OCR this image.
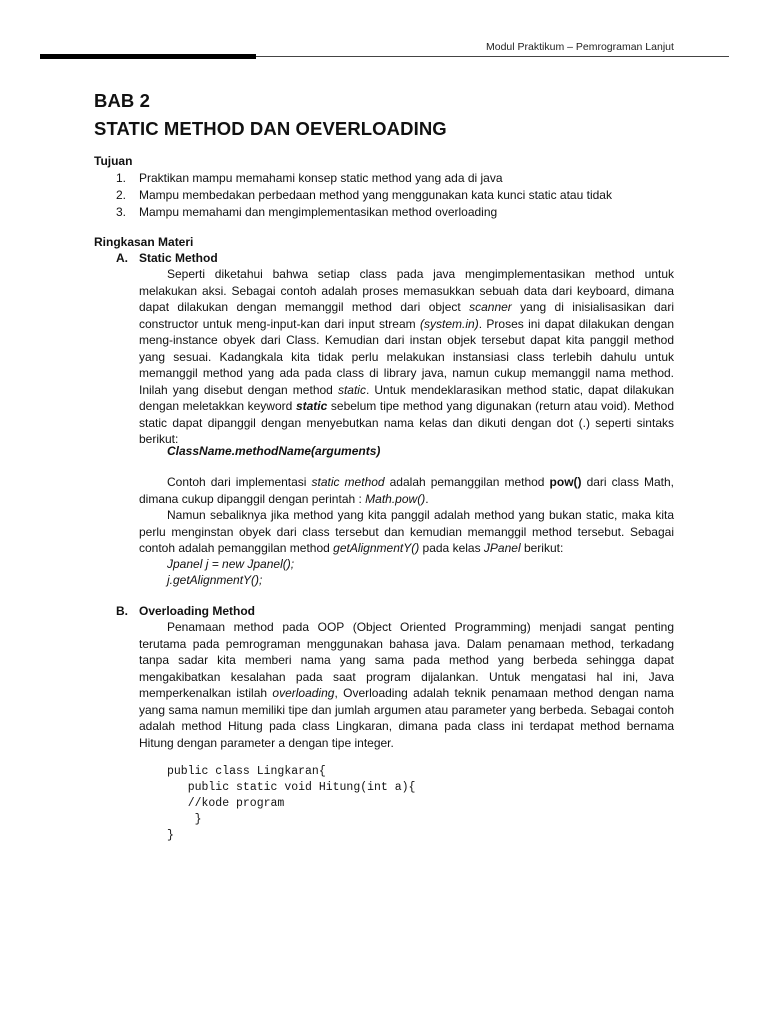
Modul Praktikum – Pemrograman Lanjut
BAB 2
STATIC METHOD DAN OEVERLOADING
Tujuan
1. Praktikan mampu memahami konsep static method yang ada di java
2. Mampu membedakan perbedaan method yang menggunakan kata kunci static atau tidak
3. Mampu memahami dan mengimplementasikan method overloading
Ringkasan Materi
A. Static Method

Seperti diketahui bahwa setiap class pada java mengimplementasikan method untuk melakukan aksi. Sebagai contoh adalah proses memasukkan sebuah data dari keyboard, dimana dapat dilakukan dengan memanggil method dari object scanner yang di inisialisasikan dari constructor untuk meng-input-kan dari input stream (system.in). Proses ini dapat dilakukan dengan meng-instance obyek dari Class. Kemudian dari instan objek tersebut dapat kita panggil method yang sesuai. Kadangkala kita tidak perlu melakukan instansiasi class terlebih dahulu untuk memanggil method yang ada pada class di library java, namun cukup memanggil nama method. Inilah yang disebut dengan method static. Untuk mendeklarasikan method static, dapat dilakukan dengan meletakkan keyword static sebelum tipe method yang digunakan (return atau void). Method static dapat dipanggil dengan menyebutkan nama kelas dan dikuti dengan dot (.) seperti sintaks berikut:

ClassName.methodName(arguments)

Contoh dari implementasi static method adalah pemanggilan method pow() dari class Math, dimana cukup dipanggil dengan perintah : Math.pow().

Namun sebaliknya jika method yang kita panggil adalah method yang bukan static, maka kita perlu menginstan obyek dari class tersebut dan kemudian memanggil method tersebut. Sebagai contoh adalah pemanggilan method getAlignmentY() pada kelas JPanel berikut:

Jpanel j = new Jpanel();
j.getAlignmentY();
B. Overloading Method

Penamaan method pada OOP (Object Oriented Programming) menjadi sangat penting terutama pada pemrograman menggunakan bahasa java. Dalam penamaan method, terkadang tanpa sadar kita memberi nama yang sama pada method yang berbeda sehingga dapat mengakibatkan kesalahan pada saat program dijalankan. Untuk mengatasi hal ini, Java memperkenalkan istilah overloading, Overloading adalah teknik penamaan method dengan nama yang sama namun memiliki tipe dan jumlah argumen atau parameter yang berbeda. Sebagai contoh adalah method Hitung pada class Lingkaran, dimana pada class ini terdapat method bernama Hitung dengan parameter a dengan tipe integer.

public class Lingkaran{
public static void Hitung(int a){
//kode program
}
}
